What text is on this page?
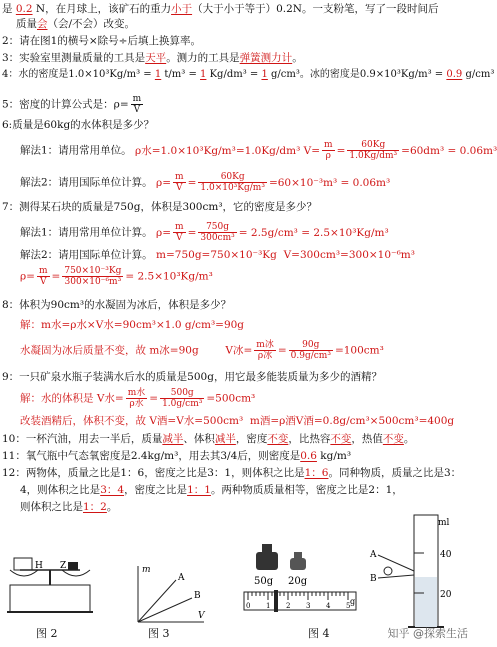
是 0.2 N，在月球上，该矿石的重力小于（大于小于等于）0.2N。一支粉笔，写了一段时间后
质量会（会/不会）改变。
2：请在图1的横号×除号÷后填上换算率。
3：实验室里测量质量的工具是天平。测力的工具是弹簧测力计。
4：水的密度是1.0×10³Kg/m³ = 1 t/m³ = 1 Kg/dm³ = 1 g/cm³。冰的密度是0.9×10³Kg/m³ = 0.9 g/cm³
5：密度的计算公式是：$\rho= \frac{m}{V}$
6:质量是60kg的水体积是多少？
解法1：请用常用单位。 ρ水=1.0×10³Kg/m³=1.0Kg/dm³ $V= \frac{m}{\rho} = \frac{60Kg}{\text{1.0Kg/dm³}} =60dm^3 = 0.06m^3$
解法2：请用国际单位计算。 $\rho= \frac{m}{V} = \frac{60Kg}{\text{1.0×10³Kg/m³}} =60\times 10^{-3}m^3 = 0.06m^3$
7：测得某石块的质量是750g，体积是300cm³，它的密度是多少？
解法1：请用常用单位计算。 $\rho= \frac{m}{V} = \frac{750g}{\text{300cm³}} = 2.5g/cm^3 = 2.5\times 10^3Kg/m^3$
解法2：请用国际单位计算。 m=750g=750×10⁻³Kg V=300cm³=300×10⁻⁶m³
$\rho= \frac{m}{V} = \frac{\text{750×10⁻³Kg}}{\text{300×10⁻⁶m³}} = 2.5\times 10^3Kg/m^3$
8：体积为90cm³的水凝固为冰后，体积是多少？
解：m水=ρ水×V水=90cm³×1.0 g/cm³=90g
水凝固为冰后质量不变，故 m冰=90g	V冰= $\frac{\text{m冰}}{\text{ρ冰}} = \frac{90g}{\text{0.9g/cm³}} =100cm^3$
9：一只矿泉水瓶子装满水后水的质量是500g，用它最多能装质量为多少的酒精？
解：水的体积是 V水= $\frac{\text{m水}}{\text{ρ水}} = \frac{500g}{\text{1.0g/cm³}} =500cm^3$
改装酒精后，体积不变，故 V酒=V水=500cm³ m酒=ρ酒V酒=0.8g/cm³×500cm³=400g
10：一杯汽油，用去一半后，质量减半、体积减半，密度不变，比热容不变，热值不变。
11：氧气瓶中气态氧密度是2.4kg/m³，用去其3/4后，则密度是0.6 kg/m³
12：两物体，质量之比是1：6，密度之比是3：1，则体积之比是1：6。同种物质，质量之比是3：
4，则体积之比是3：4，密度之比是1：1。两种物质质量相等，密度之比是2：1，
则体积之比是1：2。
H Z
图 2
m
V
A
B
图 3
50g 20g
0 1 2 3 4 5 g
图 4
ml
40
20
A
B
知乎 @探索生活
